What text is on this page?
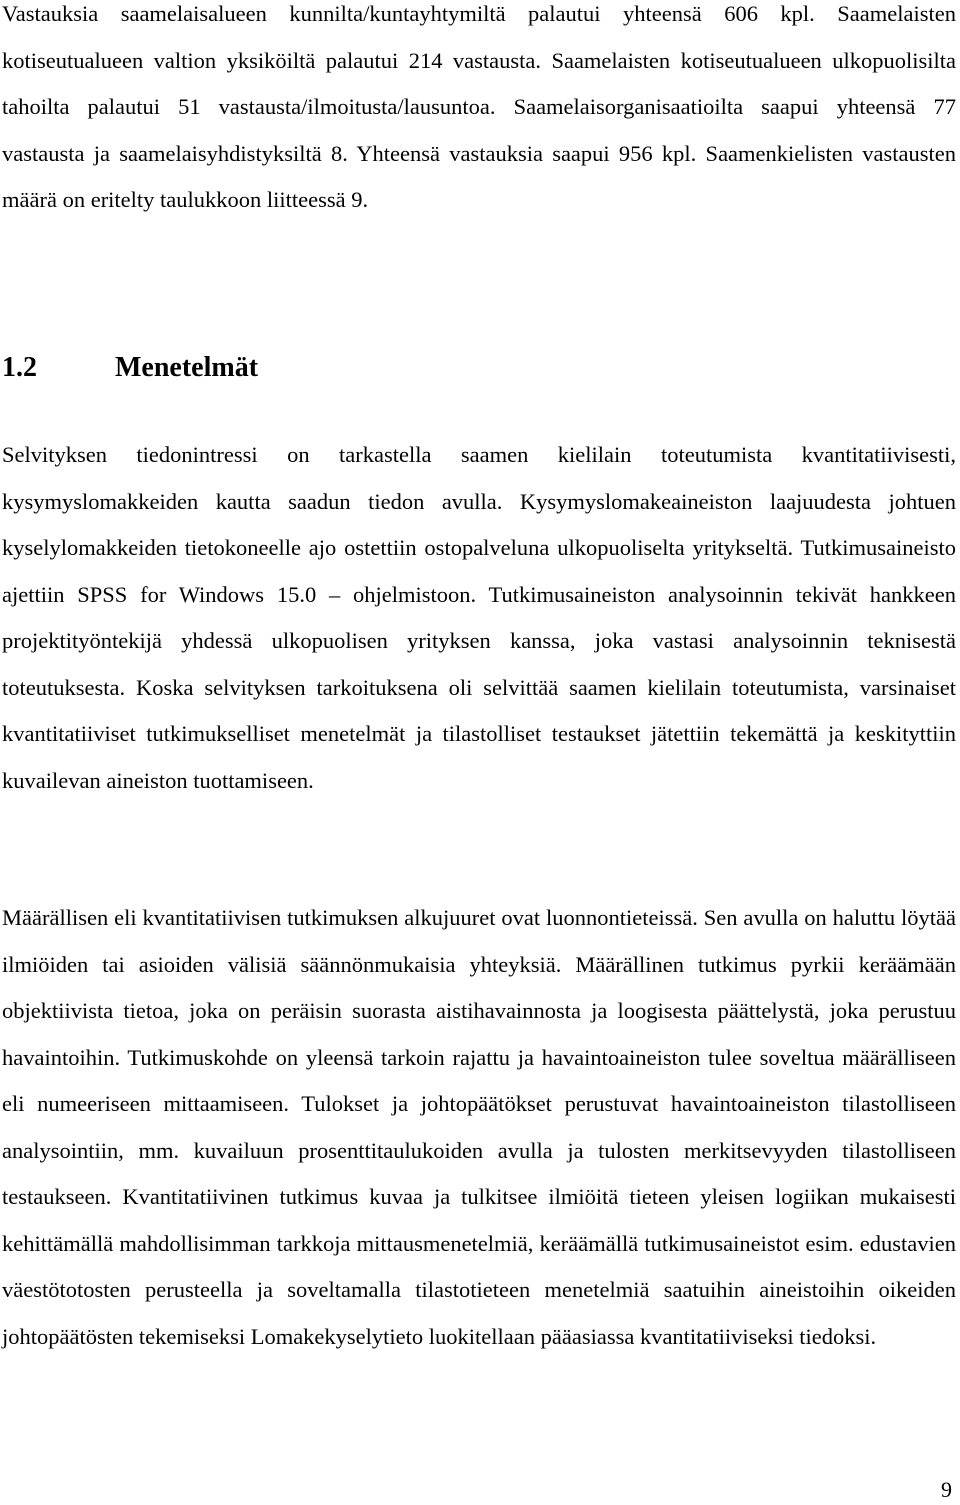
Vastauksia saamelaisalueen kunnilta/kuntayhtymiltä palautui yhteensä 606 kpl. Saamelaisten kotiseutualueen valtion yksiköiltä palautui 214 vastausta. Saamelaisten kotiseutualueen ulkopuolisilta tahoilta palautui 51 vastausta/ilmoitusta/lausuntoa. Saamelaisorganisaatioilta saapui yhteensä 77 vastausta ja saamelaisyhdistyksiltä 8. Yhteensä vastauksia saapui 956 kpl. Saamenkielisten vastausten määrä on eritelty taulukkoon liitteessä 9.

1.2	Menetelmät

Selvityksen tiedonintressi on tarkastella saamen kielilain toteutumista kvantitatiivisesti, kysymyslomakkeiden kautta saadun tiedon avulla. Kysymyslomakeaineiston laajuudesta johtuen kyselylomakkeiden tietokoneelle ajo ostettiin ostopalveluna ulkopuoliselta yritykseltä. Tutkimusaineisto ajettiin SPSS for Windows 15.0 – ohjelmistoon. Tutkimusaineiston analysoinnin tekivät hankkeen projektityöntekijä yhdessä ulkopuolisen yrityksen kanssa, joka vastasi analysoinnin teknisestä toteutuksesta. Koska selvityksen tarkoituksena oli selvittää saamen kielilain toteutumista, varsinaiset kvantitatiiviset tutkimukselliset menetelmät ja tilastolliset testaukset jätettiin tekemättä ja keskityttiin kuvailevan aineiston tuottamiseen.

Määrällisen eli kvantitatiivisen tutkimuksen alkujuuret ovat luonnontieteissä. Sen avulla on haluttu löytää ilmiöiden tai asioiden välisiä säännönmukaisia yhteyksiä. Määrällinen tutkimus pyrkii keräämään objektiivista tietoa, joka on peräisin suorasta aistihavainnosta ja loogisesta päättelystä, joka perustuu havaintoihin. Tutkimuskohde on yleensä tarkoin rajattu ja havaintoaineiston tulee soveltua määrälliseen eli numeeriseen mittaamiseen. Tulokset ja johtopäätökset perustuvat havaintoaineiston tilastolliseen analysointiin, mm. kuvailuun prosenttitaulukoiden avulla ja tulosten merkitsevyyden tilastolliseen testaukseen. Kvantitatiivinen tutkimus kuvaa ja tulkitsee ilmiöitä tieteen yleisen logiikan mukaisesti kehittämällä mahdollisimman tarkkoja mittausmenetelmiä, keräämällä tutkimusaineistot esim. edustavien väestötotosten perusteella ja soveltamalla tilastotieteen menetelmiä saatuihin aineistoihin oikeiden johtopäätösten tekemiseksi Lomakekyselytieto luokitellaan pääasiassa kvantitatiiviseksi tiedoksi.

9
